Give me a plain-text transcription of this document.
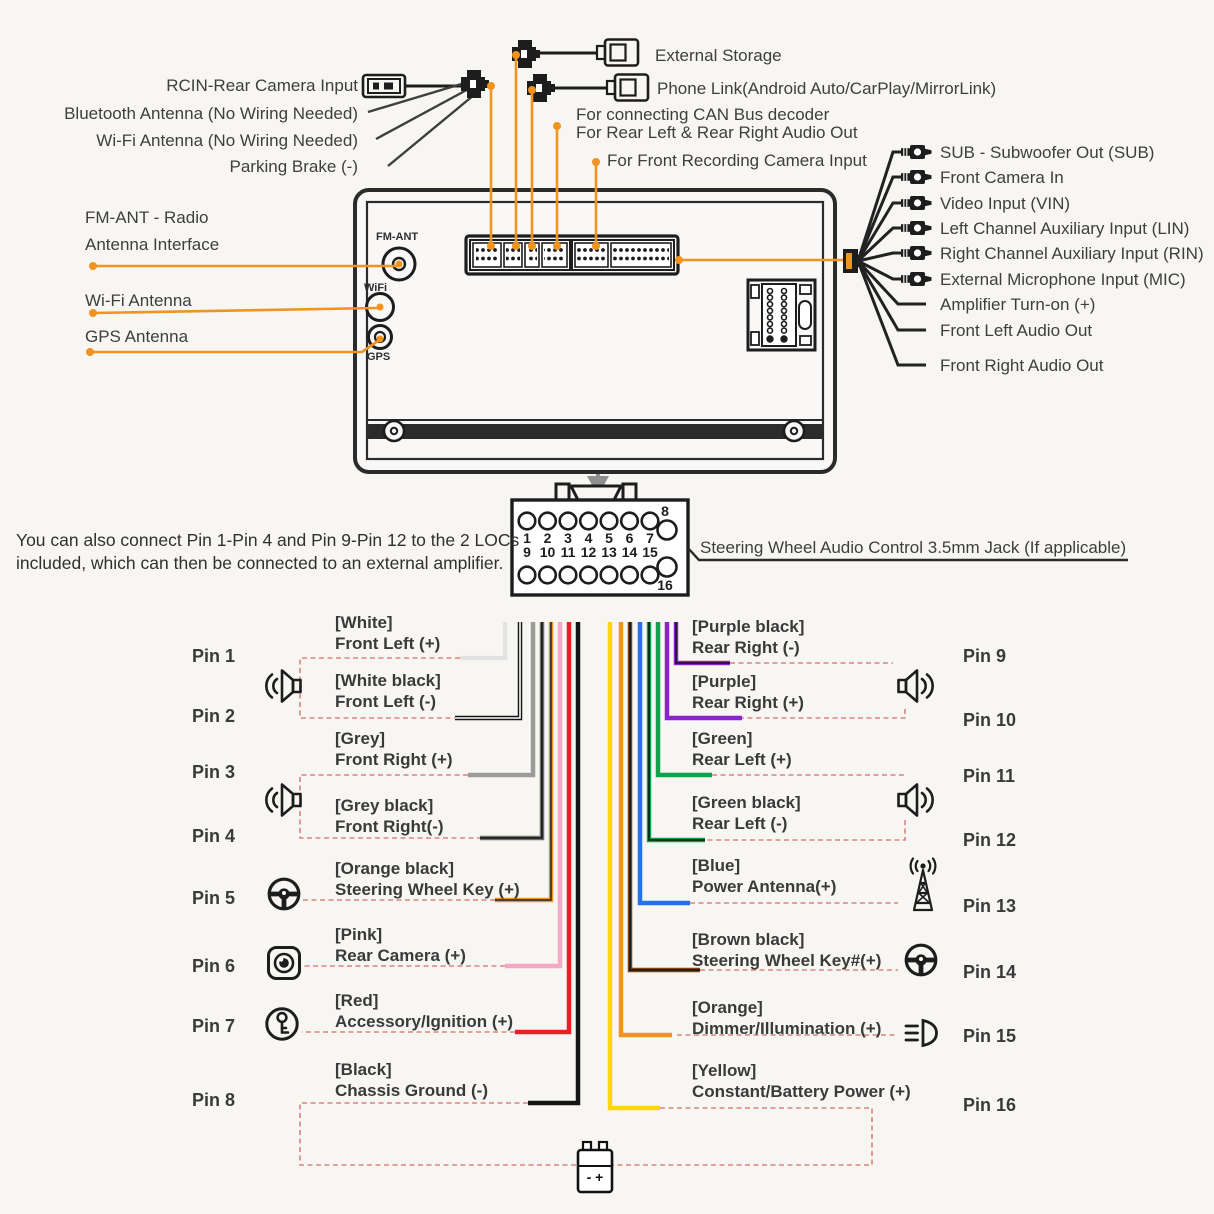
External Storage
Phone Link(Android Auto/CarPlay/MirrorLink)
RCIN-Rear Camera Input
Bluetooth Antenna (No Wiring Needed)
Wi-Fi Antenna (No Wiring Needed)
Parking Brake (-)
For connecting CAN Bus decoder
For Rear Left & Rear Right Audio Out
For Front Recording Camera Input
FM-ANT - Radio
Antenna Interface
Wi-Fi Antenna
GPS Antenna
FM-ANT
WiFi
GPS
SUB - Subwoofer Out (SUB)
Front Camera In
Video Input (VIN)
Left Channel Auxiliary Input (LIN)
Right Channel Auxiliary Input (RIN)
External Microphone Input (MIC)
Amplifier Turn-on (+)
Front Left Audio Out
Front Right Audio Out
You can also connect Pin 1-Pin 4 and Pin 9-Pin 12 to the 2 LOCs
included, which can then be connected to an external amplifier.
Steering Wheel Audio Control 3.5mm Jack (If applicable)
1 2 3 4 5 6 7
8
9 10 11 12 13 14 15
16
Pin 1
Pin 2
Pin 3
Pin 4
Pin 5
Pin 6
Pin 7
Pin 8
Pin 9
Pin 10
Pin 11
Pin 12
Pin 13
Pin 14
Pin 15
Pin 16
[White]
Front Left (+)
[White black]
Front Left (-)
[Grey]
Front Right (+)
[Grey black]
Front Right(-)
[Orange black]
Steering Wheel Key (+)
[Pink]
Rear Camera (+)
[Red]
Accessory/Ignition (+)
[Black]
Chassis Ground (-)
[Purple black]
Rear Right (-)
[Purple]
Rear Right (+)
[Green]
Rear Left (+)
[Green black]
Rear Left (-)
[Blue]
Power Antenna(+)
[Brown black]
Steering Wheel Key#(+)
[Orange]
Dimmer/Illumination (+)
[Yellow]
Constant/Battery Power (+)
- +
